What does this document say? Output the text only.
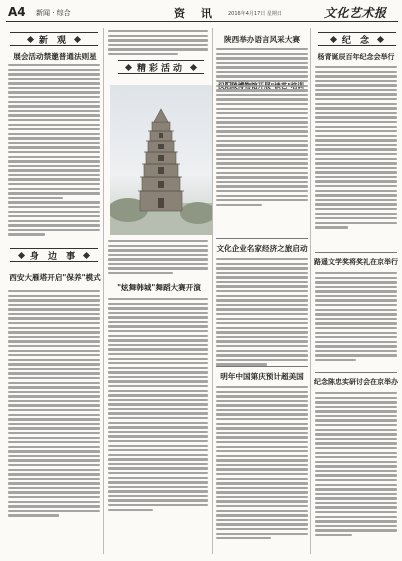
A4 新闻 · 综合	资 讯 2016年4月17日 星期日	文化艺术报
新 观
展会活动禁邀普通法则星
身 边 事
西安大雁塔开启"保养"模式
精彩活动
"炫舞韩城"舞蹈大赛开演
陕西举办语言风采大赛
文化企业名家经济之旅启动
明年中国第庆预计超美国
纪 念
杨青诞辰百年纪念会举行
路遥文学奖将奖礼在京举行
纪念陈忠实研讨会在京举办
